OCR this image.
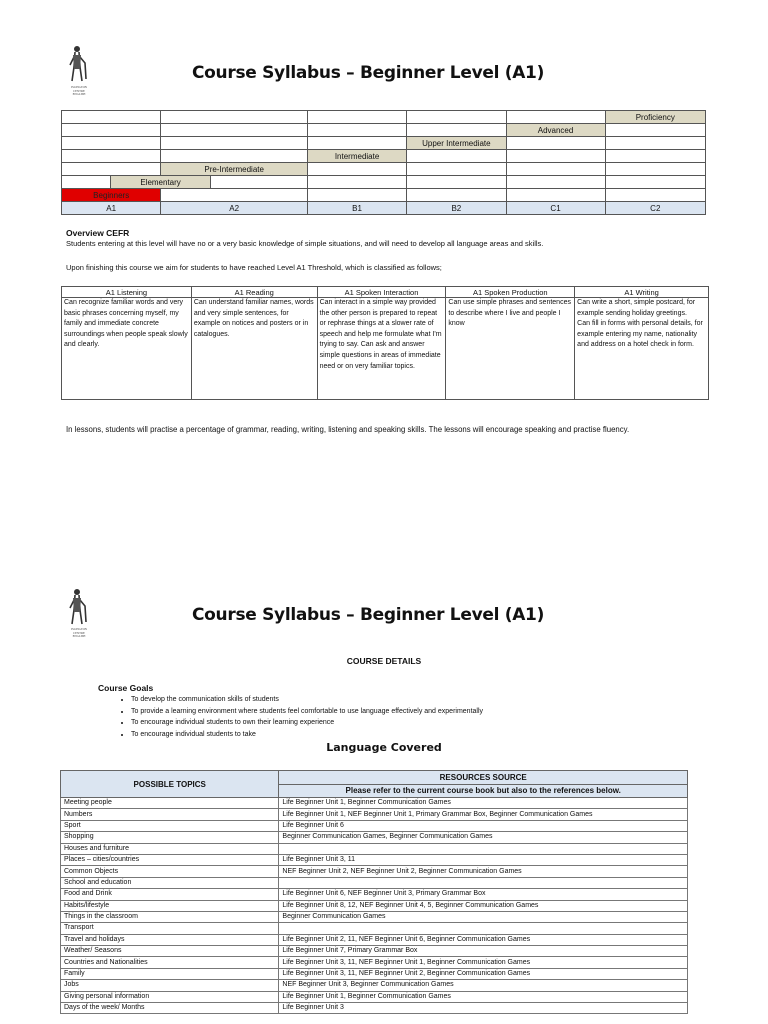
ISLINGTON
CENTRE
ENGLISH
Course Syllabus – Beginner Level (A1)
							Proficiency
						Advanced	
					Upper Intermediate		
				Intermediate			
		Pre-Intermediate					
	Elementary						
Beginners							
A1		A2		B1	B2	C1	C2
Overview CEFR
Students entering at this level will have no or a very basic knowledge of simple situations, and will need to develop all language areas and skills.
Upon finishing this course we aim for students to have reached Level A1 Threshold, which is classified as follows;
A1 Listening	A1 Reading	A1 Spoken Interaction	A1 Spoken Production	A1 Writing
Can recognize familiar words and very basic phrases concerning myself, my family and immediate concrete surroundings when people speak slowly and clearly.	Can understand familiar names, words and very simple sentences, for example on notices and posters or in catalogues.	Can interact in a simple way provided the other person is prepared to repeat or rephrase things at a slower rate of speech and help me formulate what I'm trying to say. Can ask and answer simple questions in areas of immediate need or on very familiar topics.	Can use simple phrases and sentences to describe where I live and people I know	Can write a short, simple postcard, for example sending holiday greetings.
Can fill in forms with personal details, for example entering my name, nationality and address on a hotel check in form.
In lessons, students will practise a percentage of grammar, reading, writing, listening and speaking skills. The lessons will encourage speaking and practise fluency.
ISLINGTON
CENTRE
ENGLISH
Course Syllabus – Beginner Level (A1)
COURSE DETAILS
Course Goals
• To develop the communication skills of students
• To provide a learning environment where students feel comfortable to use language effectively and experimentally
• To encourage individual students to own their learning experience
• To encourage individual students to take
Language Covered
POSSIBLE TOPICS	RESOURCES SOURCE
	Please refer to the current course book but also to the references below.
Meeting people	Life Beginner Unit 1, Beginner Communication Games
Numbers	Life Beginner Unit 1, NEF Beginner Unit 1, Primary Grammar Box, Beginner Communication Games
Sport	Life Beginner Unit 6
Shopping	Beginner Communication Games, Beginner Communication Games
Houses and furniture	
Places – cities/countries	Life Beginner Unit 3, 11
Common Objects	NEF Beginner Unit 2, NEF Beginner Unit 2, Beginner Communication Games
School and education	
Food and Drink	Life Beginner Unit 6, NEF Beginner Unit 3, Primary Grammar Box
Habits/lifestyle	Life Beginner Unit 8, 12, NEF Beginner Unit 4, 5, Beginner Communication Games
Things in the classroom	Beginner Communication Games
Transport	
Travel and holidays	Life Beginner Unit 2, 11, NEF Beginner Unit 6, Beginner Communication Games
Weather/ Seasons	Life Beginner Unit 7, Primary Grammar Box
Countries and Nationalities	Life Beginner Unit 3, 11, NEF Beginner Unit 1, Beginner Communication Games
Family	Life Beginner Unit 3, 11, NEF Beginner Unit 2, Beginner Communication Games
Jobs	NEF Beginner Unit 3, Beginner Communication Games
Giving personal information	Life Beginner Unit 1, Beginner Communication Games
Days of the week/ Months	Life Beginner Unit 3
